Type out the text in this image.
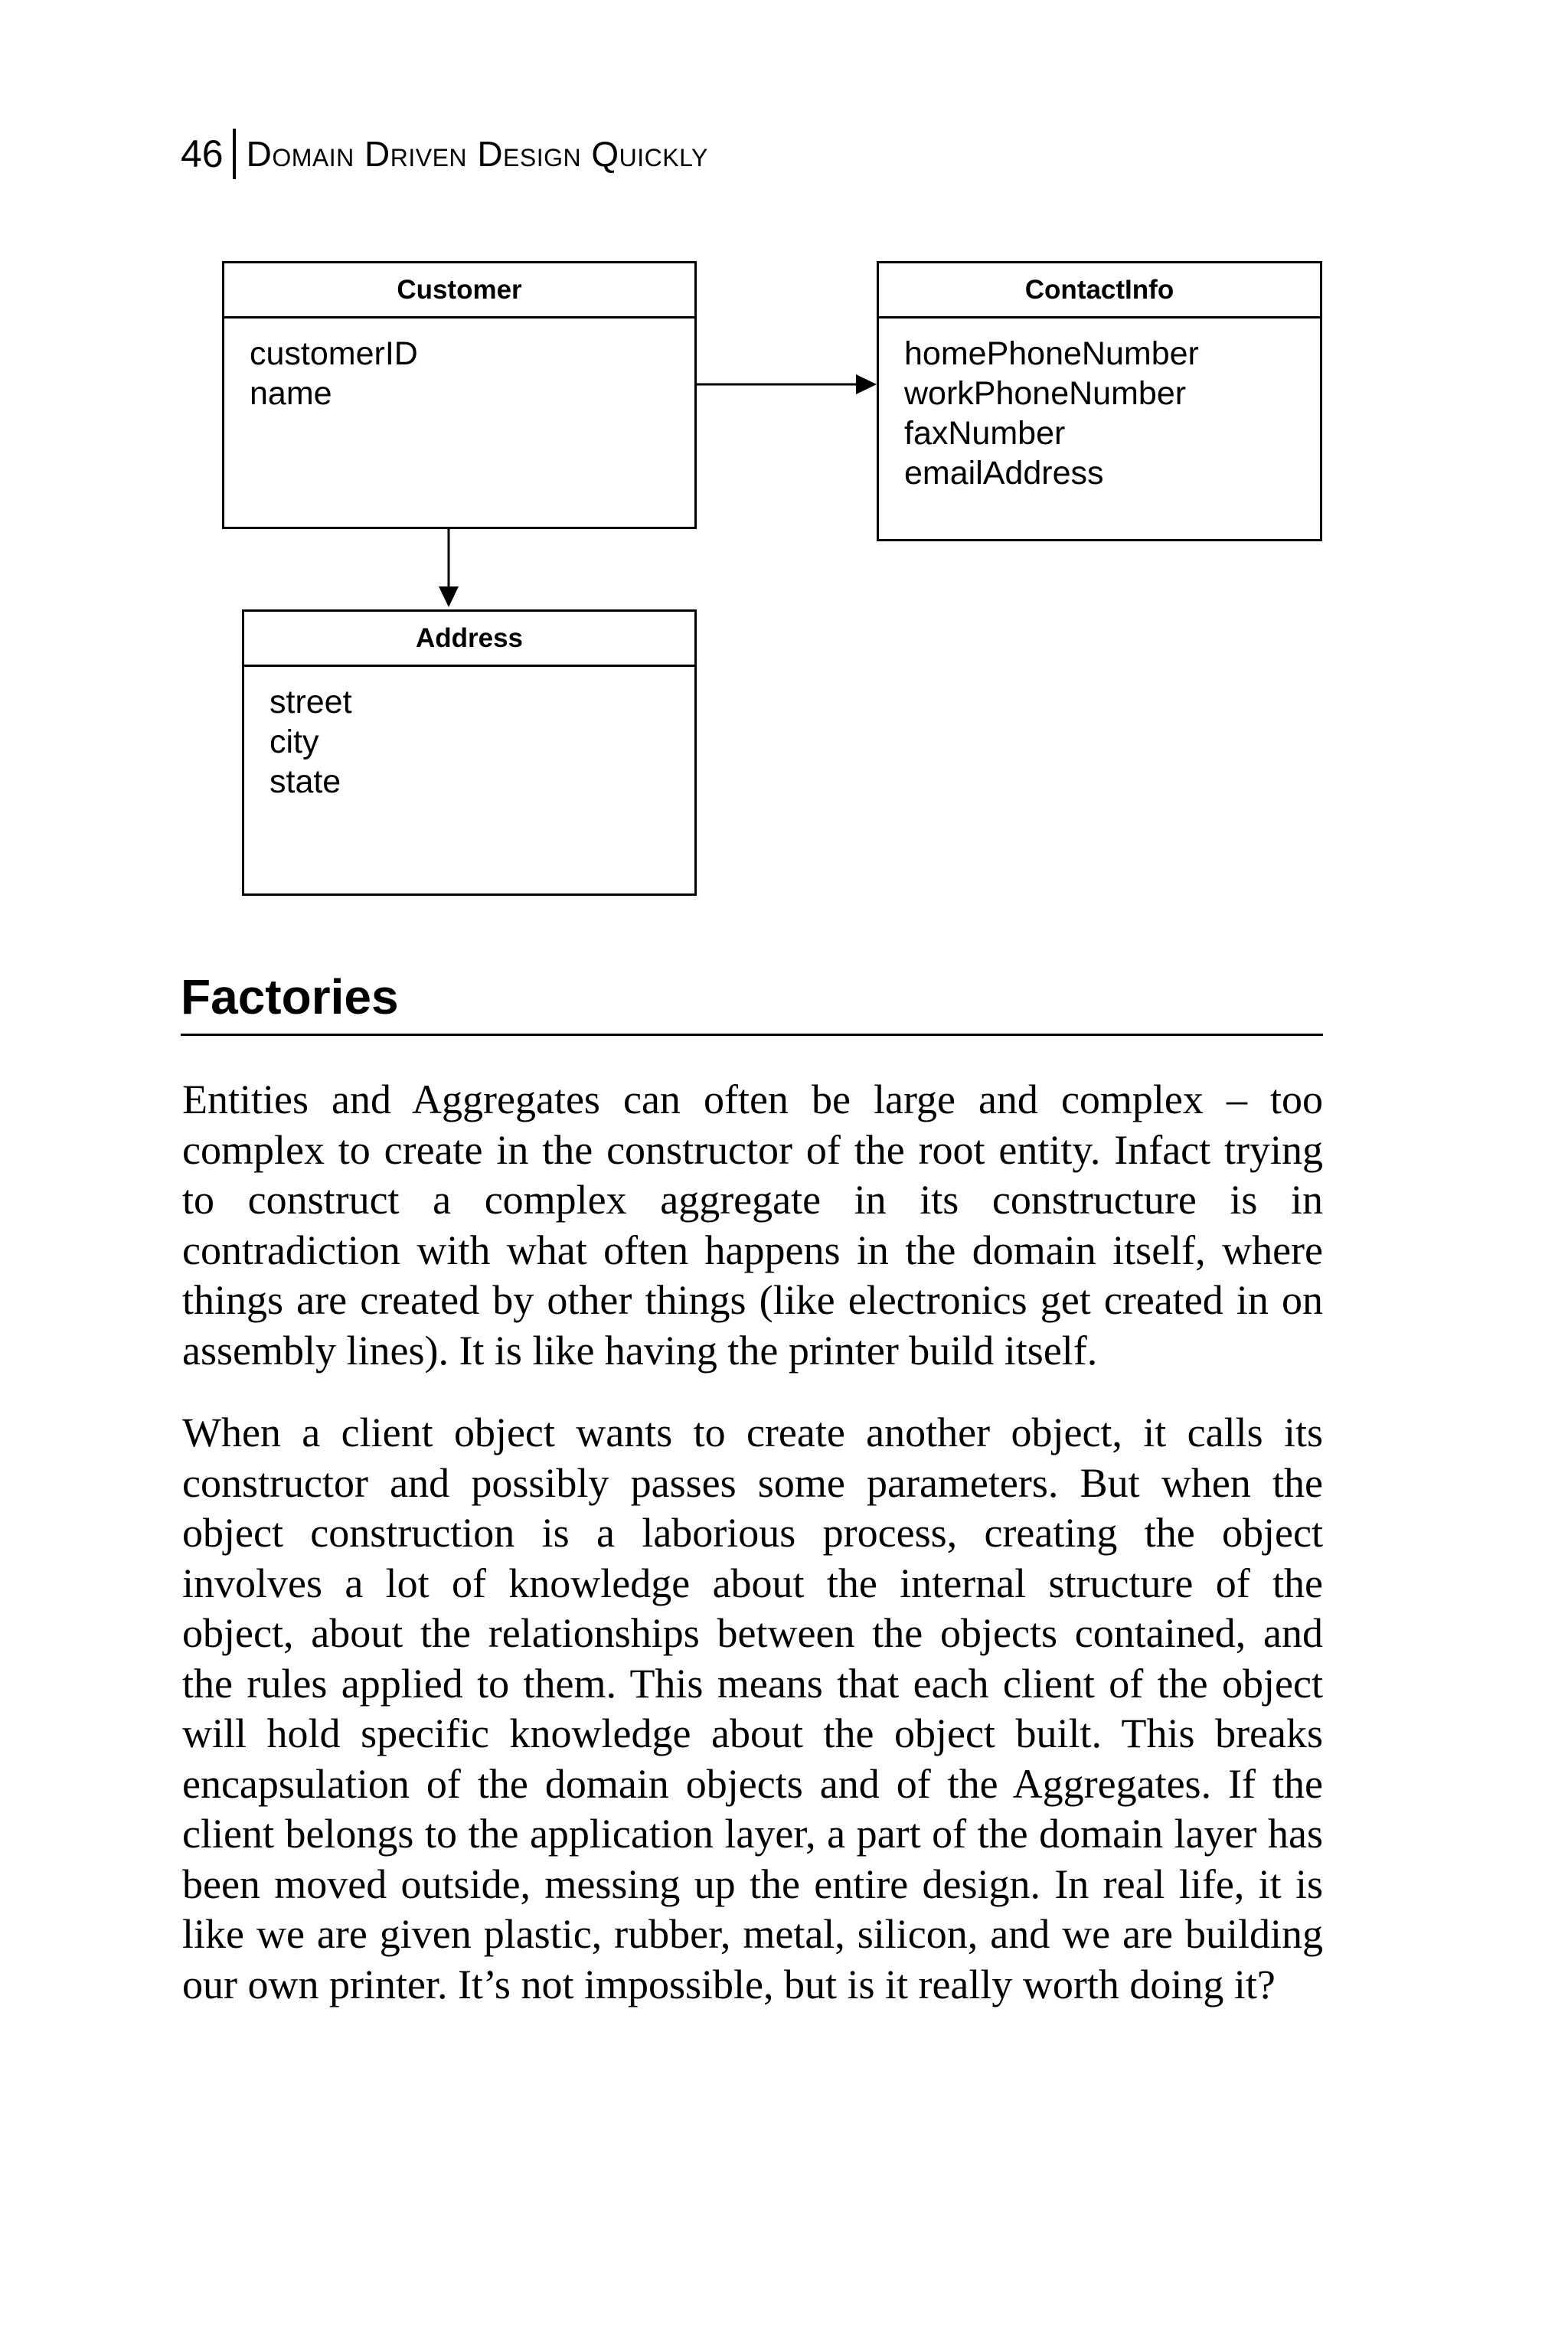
46 Domain Driven Design Quickly
Customer
customerID
name
ContactInfo
homePhoneNumber
workPhoneNumber
faxNumber
emailAddress
Address
street
city
state
Factories

Entities and Aggregates can often be large and complex – too complex to create in the constructor of the root entity. Infact trying to construct a complex aggregate in its constructure is in contradiction with what often happens in the domain itself, where things are created by other things (like electronics get created in on assembly lines). It is like having the printer build itself.

When a client object wants to create another object, it calls its constructor and possibly passes some parameters. But when the object construction is a laborious process, creating the object involves a lot of knowledge about the internal structure of the object, about the relationships between the objects contained, and the rules applied to them. This means that each client of the object will hold specific knowledge about the object built. This breaks encapsulation of the domain objects and of the Aggregates. If the client belongs to the application layer, a part of the domain layer has been moved outside, messing up the entire design. In real life, it is like we are given plastic, rubber, metal, silicon, and we are building our own printer. It’s not impossible, but is it really worth doing it?
